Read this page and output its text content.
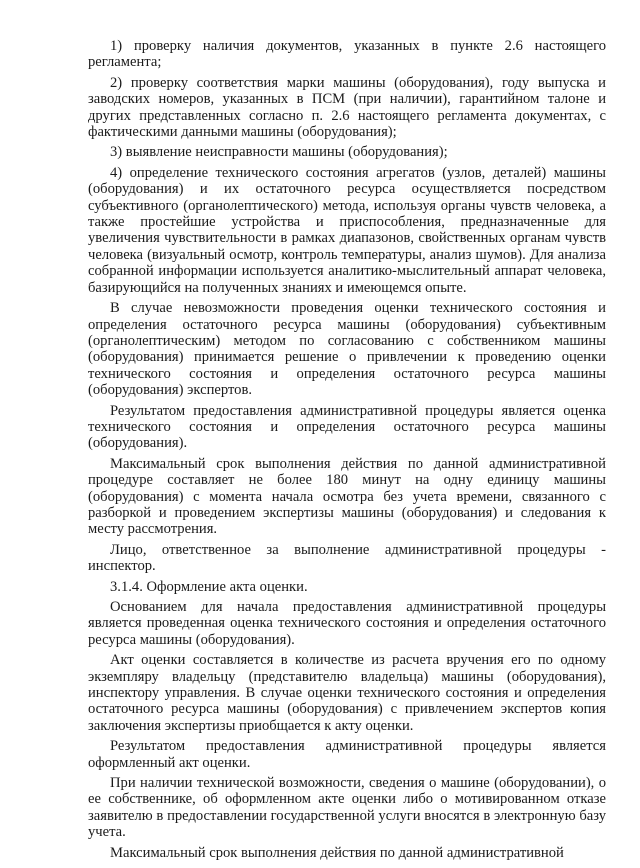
1) проверку наличия документов, указанных в пункте 2.6 настоящего регламента;

2) проверку соответствия марки машины (оборудования), году выпуска и заводских номеров, указанных в ПСМ (при наличии), гарантийном талоне и других представленных согласно п. 2.6 настоящего регламента документах, с фактическими данными машины (оборудования);

3) выявление неисправности машины (оборудования);

4) определение технического состояния агрегатов (узлов, деталей) машины (оборудования) и их остаточного ресурса осуществляется посредством субъективного (органолептического) метода, используя органы чувств человека, а также простейшие устройства и приспособления, предназначенные для увеличения чувствительности в рамках диапазонов, свойственных органам чувств человека (визуальный осмотр, контроль температуры, анализ шумов). Для анализа собранной информации используется аналитико-мыслительный аппарат человека, базирующийся на полученных знаниях и имеющемся опыте.

В случае невозможности проведения оценки технического состояния и определения остаточного ресурса машины (оборудования) субъективным (органолептическим) методом по согласованию с собственником машины (оборудования) принимается решение о привлечении к проведению оценки технического состояния и определения остаточного ресурса машины (оборудования) экспертов.

Результатом предоставления административной процедуры является оценка технического состояния и определения остаточного ресурса машины (оборудования).

Максимальный срок выполнения действия по данной административной процедуре составляет не более 180 минут на одну единицу машины (оборудования) с момента начала осмотра без учета времени, связанного с разборкой и проведением экспертизы машины (оборудования) и следования к месту рассмотрения.

Лицо, ответственное за выполнение административной процедуры - инспектор.

3.1.4. Оформление акта оценки.

Основанием для начала предоставления административной процедуры является проведенная оценка технического состояния и определения остаточного ресурса машины (оборудования).

Акт оценки составляется в количестве из расчета вручения его по одному экземпляру владельцу (представителю владельца) машины (оборудования), инспектору управления. В случае оценки технического состояния и определения остаточного ресурса машины (оборудования) с привлечением экспертов копия заключения экспертизы приобщается к акту оценки.

Результатом предоставления административной процедуры является оформленный акт оценки.

При наличии технической возможности, сведения о машине (оборудовании), о ее собственнике, об оформленном акте оценки либо о мотивированном отказе заявителю в предоставлении государственной услуги вносятся в электронную базу учета.

Максимальный срок выполнения действия по данной административной
